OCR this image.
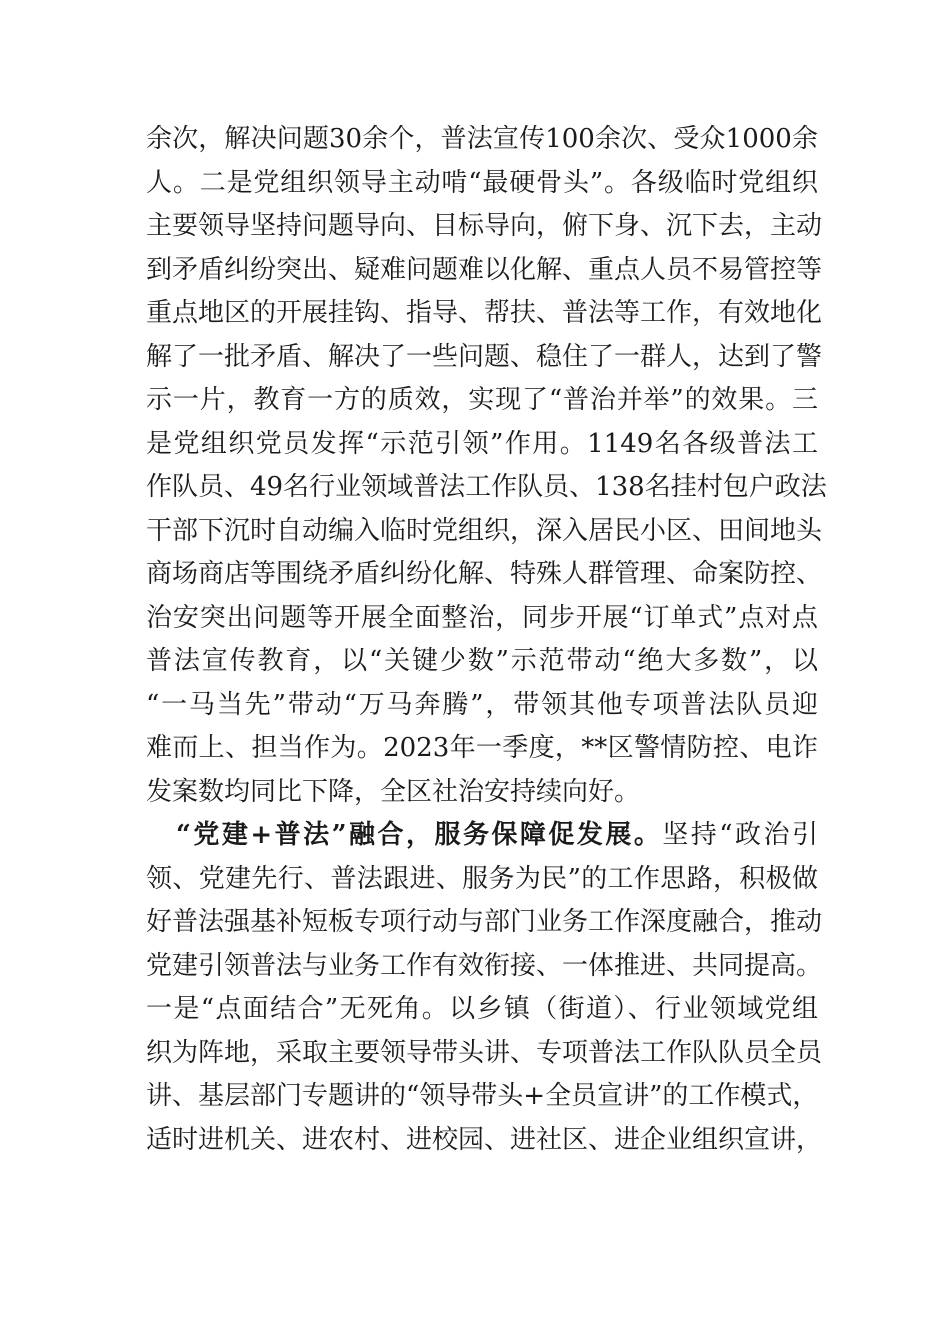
余次，解决问题30余个，普法宣传100余次、受众1000余
人。二是党组织领导主动啃“最硬骨头”。各级临时党组织
主要领导坚持问题导向、目标导向，俯下身、沉下去，主动
到矛盾纠纷突出、疑难问题难以化解、重点人员不易管控等
重点地区的开展挂钩、指导、帮扶、普法等工作，有效地化
解了一批矛盾、解决了一些问题、稳住了一群人，达到了警
示一片，教育一方的质效，实现了“普治并举”的效果。三
是党组织党员发挥“示范引领”作用。1149名各级普法工
作队员、49名行业领域普法工作队员、138名挂村包户政法
干部下沉时自动编入临时党组织，深入居民小区、田间地头
商场商店等围绕矛盾纠纷化解、特殊人群管理、命案防控、
治安突出问题等开展全面整治，同步开展“订单式”点对点
普法宣传教育，以“关键少数”示范带动“绝大多数”，以
“一马当先”带动“万马奔腾”，带领其他专项普法队员迎
难而上、担当作为。2023年一季度，**区警情防控、电诈
发案数均同比下降，全区社治安持续向好。
“党建+普法”融合，服务保障促发展。坚持“政治引
领、党建先行、普法跟进、服务为民”的工作思路，积极做
好普法强基补短板专项行动与部门业务工作深度融合，推动
党建引领普法与业务工作有效衔接、一体推进、共同提高。
一是“点面结合”无死角。以乡镇（街道）、行业领域党组
织为阵地，采取主要领导带头讲、专项普法工作队队员全员
讲、基层部门专题讲的“领导带头+全员宣讲”的工作模式，
适时进机关、进农村、进校园、进社区、进企业组织宣讲，
